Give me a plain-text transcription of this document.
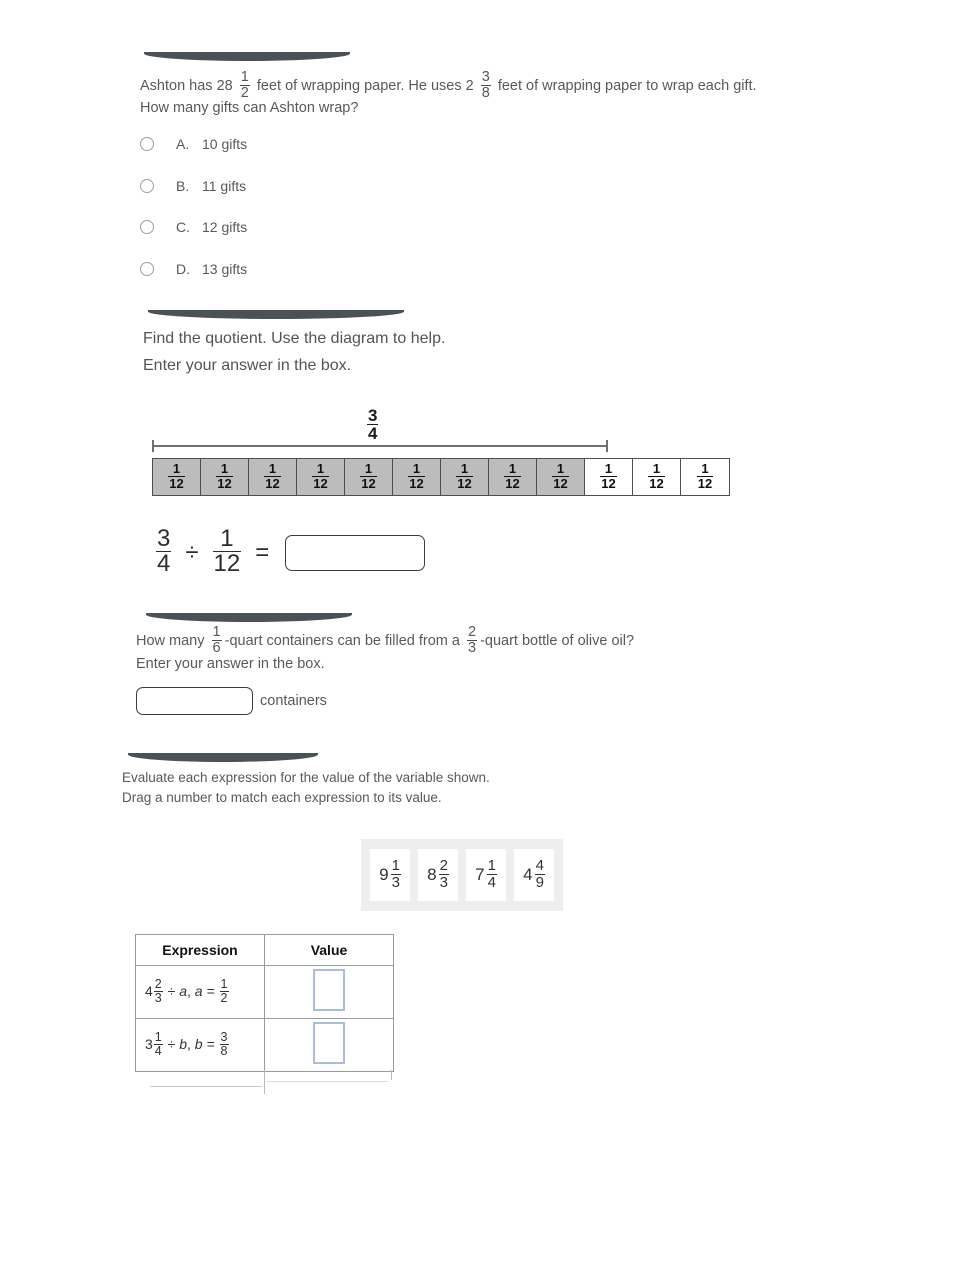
Ashton has $28 \frac{1}{2}$ feet of wrapping paper. He uses $2 \frac{3}{8}$ feet of wrapping paper to wrap each gift.
How many gifts can Ashton wrap?
A. 10 gifts
B. 11 gifts
C. 12 gifts
D. 13 gifts
Find the quotient. Use the diagram to help.
Enter your answer in the box.
$\frac{3}{4}$
$\frac{1}{12} \frac{1}{12} \frac{1}{12} \frac{1}{12} \frac{1}{12} \frac{1}{12} \frac{1}{12} \frac{1}{12} \frac{1}{12} \frac{1}{12} \frac{1}{12} \frac{1}{12}$
$\frac{3}{4} \div \frac{1}{12}$ =
How many $\frac{1}{6}$ -quart containers can be filled from a $\frac{2}{3}$ -quart bottle of olive oil?
Enter your answer in the box.
containers
Evaluate each expression for the value of the variable shown.
Drag a number to match each expression to its value.
$9 \frac{1}{3} 8 \frac{2}{3} 7 \frac{1}{4} 4 \frac{4}{9}$
Expression	Value
$4 \frac{2}{3} \div a$, $a = \frac{1}{2}$

$3 \frac{1}{4} \div b$, $b = \frac{3}{8}$
